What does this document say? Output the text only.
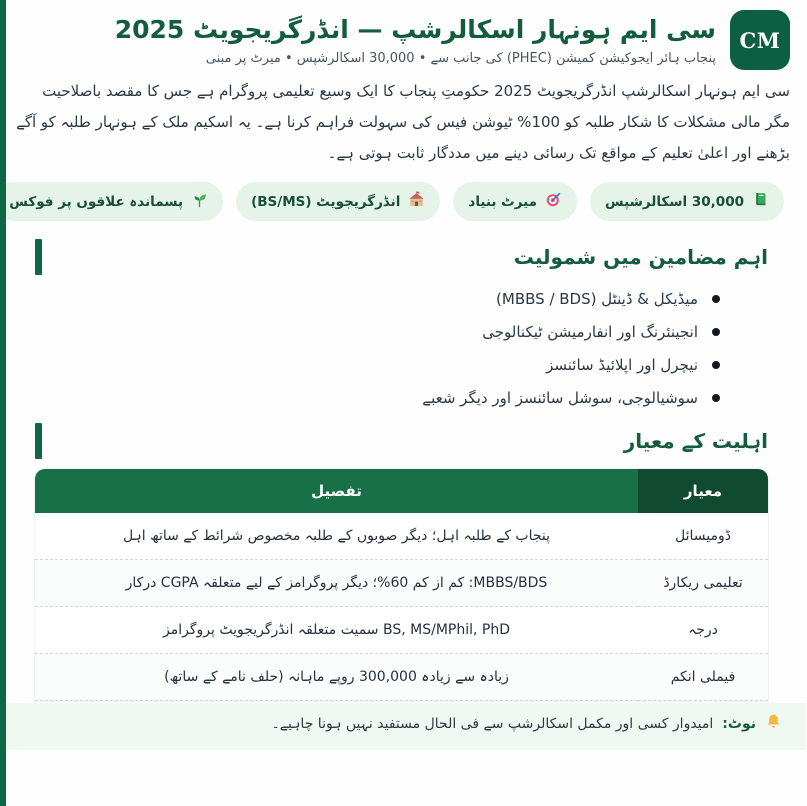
CM
سی ایم ہونہار اسکالرشپ — انڈرگریجویٹ 2025
پنجاب ہائر ایجوکیشن کمیشن (PHEC) کی جانب سے • 30,000 اسکالرشپس • میرٹ پر مبنی

سی ایم ہونہار اسکالرشپ انڈرگریجویٹ 2025 حکومتِ پنجاب کا ایک وسیع تعلیمی پروگرام ہے جس کا مقصد باصلاحیت مگر مالی مشکلات کا شکار طلبہ کو 100% ٹیوشن فیس کی سہولت فراہم کرنا ہے۔ یہ اسکیم ملک کے ہونہار طلبہ کو آگے بڑھنے اور اعلیٰ تعلیم کے مواقع تک رسائی دینے میں مددگار ثابت ہوتی ہے۔

30,000 اسکالرشپس
میرٹ بنیاد
انڈرگریجویٹ (BS/MS)
پسماندہ علاقوں پر فوکس
اہم مضامین میں شمولیت
میڈیکل & ڈینٹل (MBBS / BDS)
انجینئرنگ اور انفارمیشن ٹیکنالوجی
نیچرل اور اپلائیڈ سائنسز
سوشیالوجی، سوشل سائنسز اور دیگر شعبے
اہلیت کے معیار
معیار	تفصیل
ڈومیسائل	پنجاب کے طلبہ اہل؛ دیگر صوبوں کے طلبہ مخصوص شرائط کے ساتھ اہل
تعلیمی ریکارڈ	MBBS/BDS: کم از کم 60%؛ دیگر پروگرامز کے لیے متعلقہ CGPA درکار
درجہ	BS, MS/MPhil, PhD سمیت متعلقہ انڈرگریجویٹ پروگرامز
فیملی انکم	زیادہ سے زیادہ 300,000 روپے ماہانہ (حلف نامے کے ساتھ)
نوٹ:
امیدوار کسی اور مکمل اسکالرشپ سے فی الحال مستفید نہیں ہونا چاہیے۔
